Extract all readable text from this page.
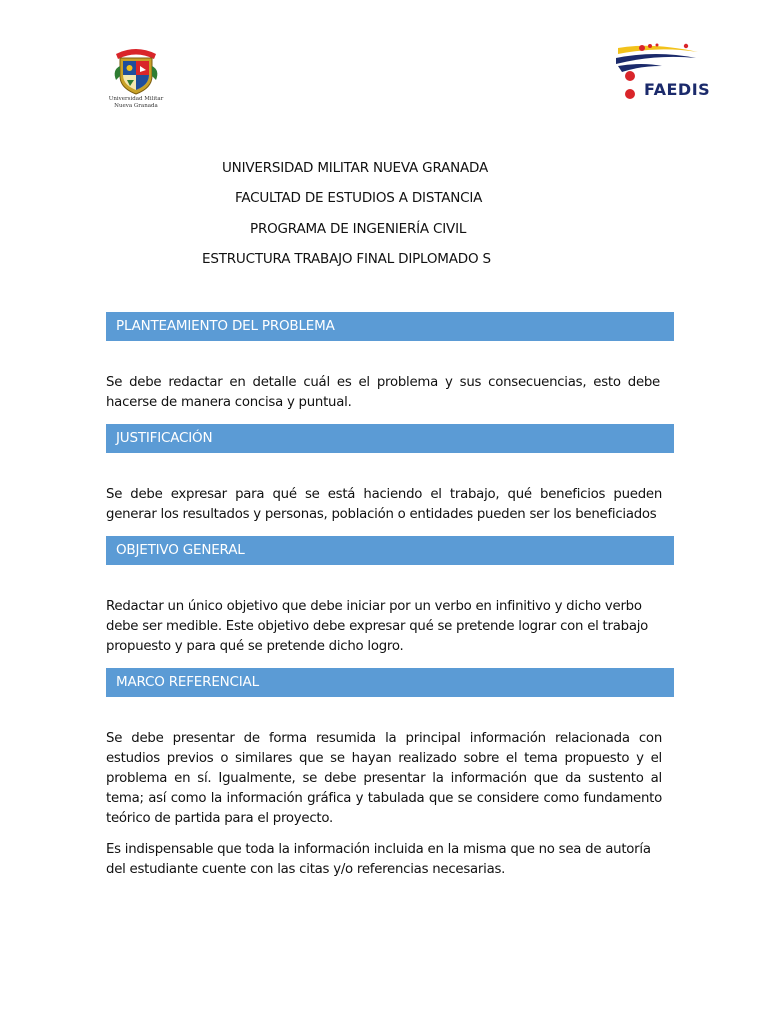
Universidad Militar
Nueva Granada
FAEDIS
UNIVERSIDAD MILITAR NUEVA GRANADA
FACULTAD DE ESTUDIOS A DISTANCIA
PROGRAMA DE INGENIERÍA CIVIL
ESTRUCTURA TRABAJO FINAL DIPLOMADO S
PLANTEAMIENTO DEL PROBLEMA

Se debe redactar en detalle cuál es el problema y sus consecuencias, esto debe hacerse de manera concisa y puntual.

JUSTIFICACIÓN

Se debe expresar para qué se está haciendo el trabajo, qué beneficios pueden generar los resultados y personas, población o entidades pueden ser los beneficiados

OBJETIVO GENERAL

Redactar un único objetivo que debe iniciar por un verbo en infinitivo y dicho verbo debe ser medible. Este objetivo debe expresar qué se pretende lograr con el trabajo propuesto y para qué se pretende dicho logro.

MARCO REFERENCIAL

Se debe presentar de forma resumida la principal información relacionada con estudios previos o similares que se hayan realizado sobre el tema propuesto y el problema en sí. Igualmente, se debe presentar la información que da sustento al tema; así como la información gráfica y tabulada que se considere como fundamento teórico de partida para el proyecto.

Es indispensable que toda la información incluida en la misma que no sea de autoría del estudiante cuente con las citas y/o referencias necesarias.
